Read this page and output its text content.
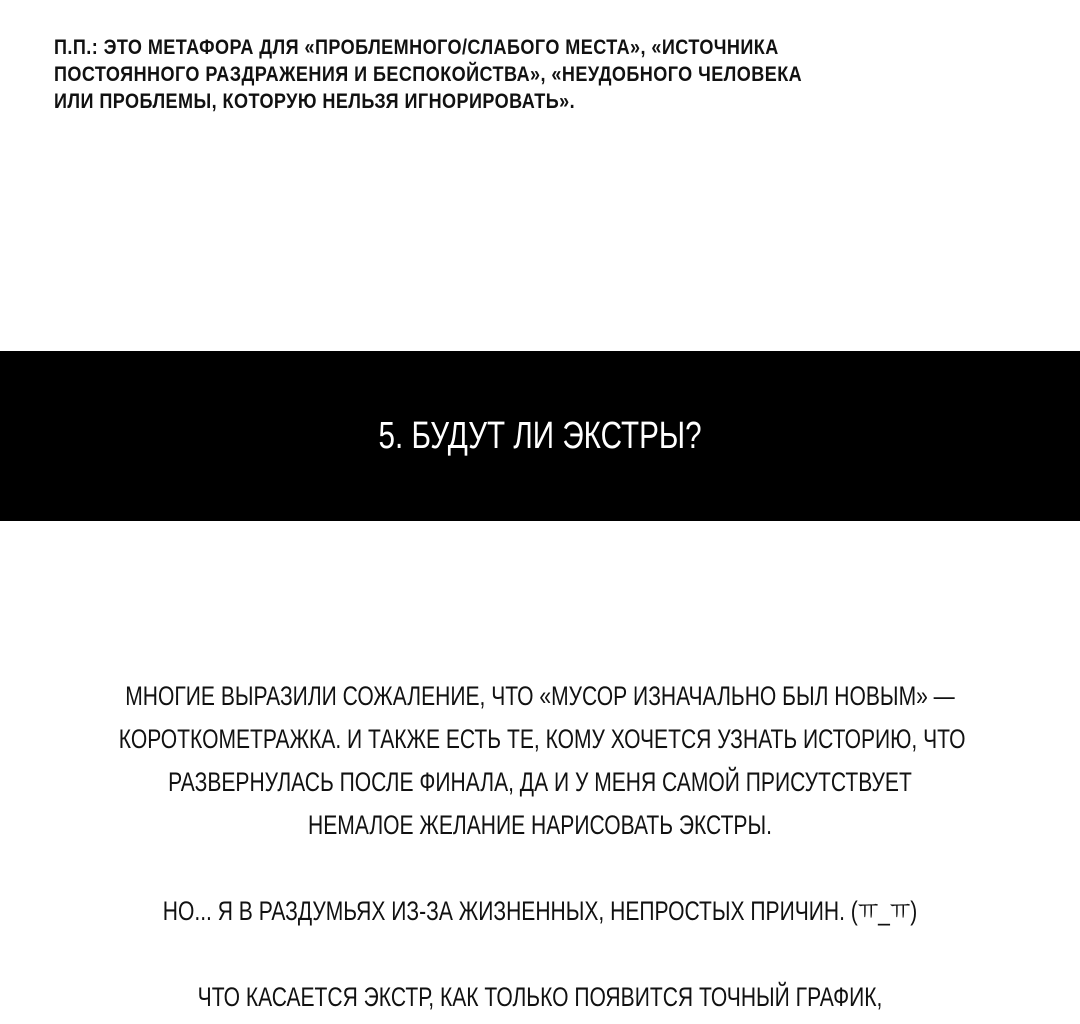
П.П.: ЭТО МЕТАФОРА ДЛЯ «ПРОБЛЕМНОГО/СЛАБОГО МЕСТА», «ИСТОЧНИКА
ПОСТОЯННОГО РАЗДРАЖЕНИЯ И БЕСПОКОЙСТВА», «НЕУДОБНОГО ЧЕЛОВЕКА
ИЛИ ПРОБЛЕМЫ, КОТОРУЮ НЕЛЬЗЯ ИГНОРИРОВАТЬ».
5. БУДУТ ЛИ ЭКСТРЫ?
МНОГИЕ ВЫРАЗИЛИ СОЖАЛЕНИЕ, ЧТО «МУСОР ИЗНАЧАЛЬНО БЫЛ НОВЫМ» —
КОРОТКОМЕТРАЖКА. И ТАКЖЕ ЕСТЬ ТЕ, КОМУ ХОЧЕТСЯ УЗНАТЬ ИСТОРИЮ, ЧТО
РАЗВЕРНУЛАСЬ ПОСЛЕ ФИНАЛА, ДА И У МЕНЯ САМОЙ ПРИСУТСТВУЕТ
НЕМАЛОЕ ЖЕЛАНИЕ НАРИСОВАТЬ ЭКСТРЫ.
НО... Я В РАЗДУМЬЯХ ИЗ-ЗА ЖИЗНЕННЫХ, НЕПРОСТЫХ ПРИЧИН. (ㅠ_ㅠ)
ЧТО КАСАЕТСЯ ЭКСТР, КАК ТОЛЬКО ПОЯВИТСЯ ТОЧНЫЙ ГРАФИК,
